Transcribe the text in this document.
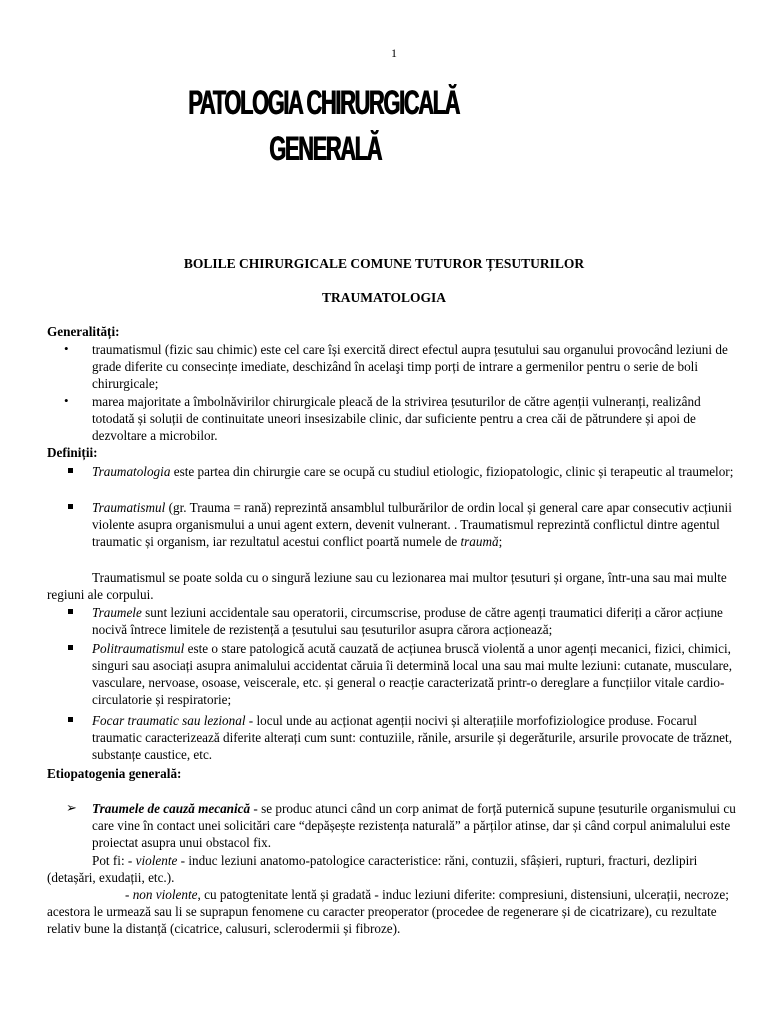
1
PATOLOGIA CHIRURGICALĂ
GENERALĂ
BOLILE CHIRURGICALE COMUNE TUTUROR ȚESUTURILOR
TRAUMATOLOGIA
Generalități:
• traumatismul (fizic sau chimic) este cel care își exercită direct efectul aupra țesutului sau organului provocând leziuni de grade diferite cu consecințe imediate, deschizând în acelaşi timp porți de intrare a germenilor pentru o serie de boli chirurgicale;
• marea majoritate a îmbolnăvirilor chirurgicale pleacă de la strivirea țesuturilor de către agenții vulneranți, realizând totodată și soluții de continuitate uneori insesizabile clinic, dar suficiente pentru a crea căi de pătrundere și apoi de dezvoltare a microbilor.
Definiții:
Traumatologia este partea din chirurgie care se ocupă cu studiul etiologic, fiziopatologic, clinic și terapeutic al traumelor;
Traumatismul (gr. Trauma = rană) reprezintă ansamblul tulburărilor de ordin local și general care apar consecutiv acțiunii violente asupra organismului a unui agent extern, devenit vulnerant. . Traumatismul reprezintă conflictul dintre agentul traumatic și organism, iar rezultatul acestui conflict poartă numele de traumă;
Traumatismul se poate solda cu o singură leziune sau cu lezionarea mai multor țesuturi și organe, într-una sau mai multe regiuni ale corpului.
Traumele sunt leziuni accidentale sau operatorii, circumscrise, produse de către agenți traumatici diferiți a căror acțiune nocivă întrece limitele de rezistență a țesutului sau țesuturilor asupra cărora acționează;
Politraumatismul este o stare patologică acută cauzată de acțiunea bruscă violentă a unor agenți mecanici, fizici, chimici, singuri sau asociați asupra animalului accidentat căruia îi determină local una sau mai multe leziuni: cutanate, musculare, vasculare, nervoase, osoase, veiscerale, etc. și general o reacție caracterizată printr-o dereglare a funcțiilor vitale cardio-circulatorie și respiratorie;
Focar traumatic sau lezional - locul unde au acționat agenții nocivi și alterațiile morfofiziologice produse. Focarul traumatic caracterizează diferite alterați cum sunt: contuziile, rănile, arsurile și degerăturile, arsurile provocate de trăznet, substanțe caustice, etc.
Etiopatogenia generală:
➢ Traumele de cauză mecanică - se produc atunci când un corp animat de forță puternică supune țesuturile organismului cu care vine în contact unei solicitări care “depășește rezistența naturală” a părților atinse, dar și când corpul animalului este proiectat asupra unui obstacol fix.
Pot fi: - violente - induc leziuni anatomo-patologice caracteristice: răni, contuzii, sfâșieri, rupturi, fracturi, dezlipiri (detașări, exudații, etc.).
- non violente, cu patogtenitate lentă și gradată - induc leziuni diferite: compresiuni, distensiuni, ulcerații, necroze; acestora le urmează sau li se suprapun fenomene cu caracter preoperator (procedee de regenerare și de cicatrizare), cu rezultate relativ bune la distanță (cicatrice, calusuri, sclerodermii și fibroze).
